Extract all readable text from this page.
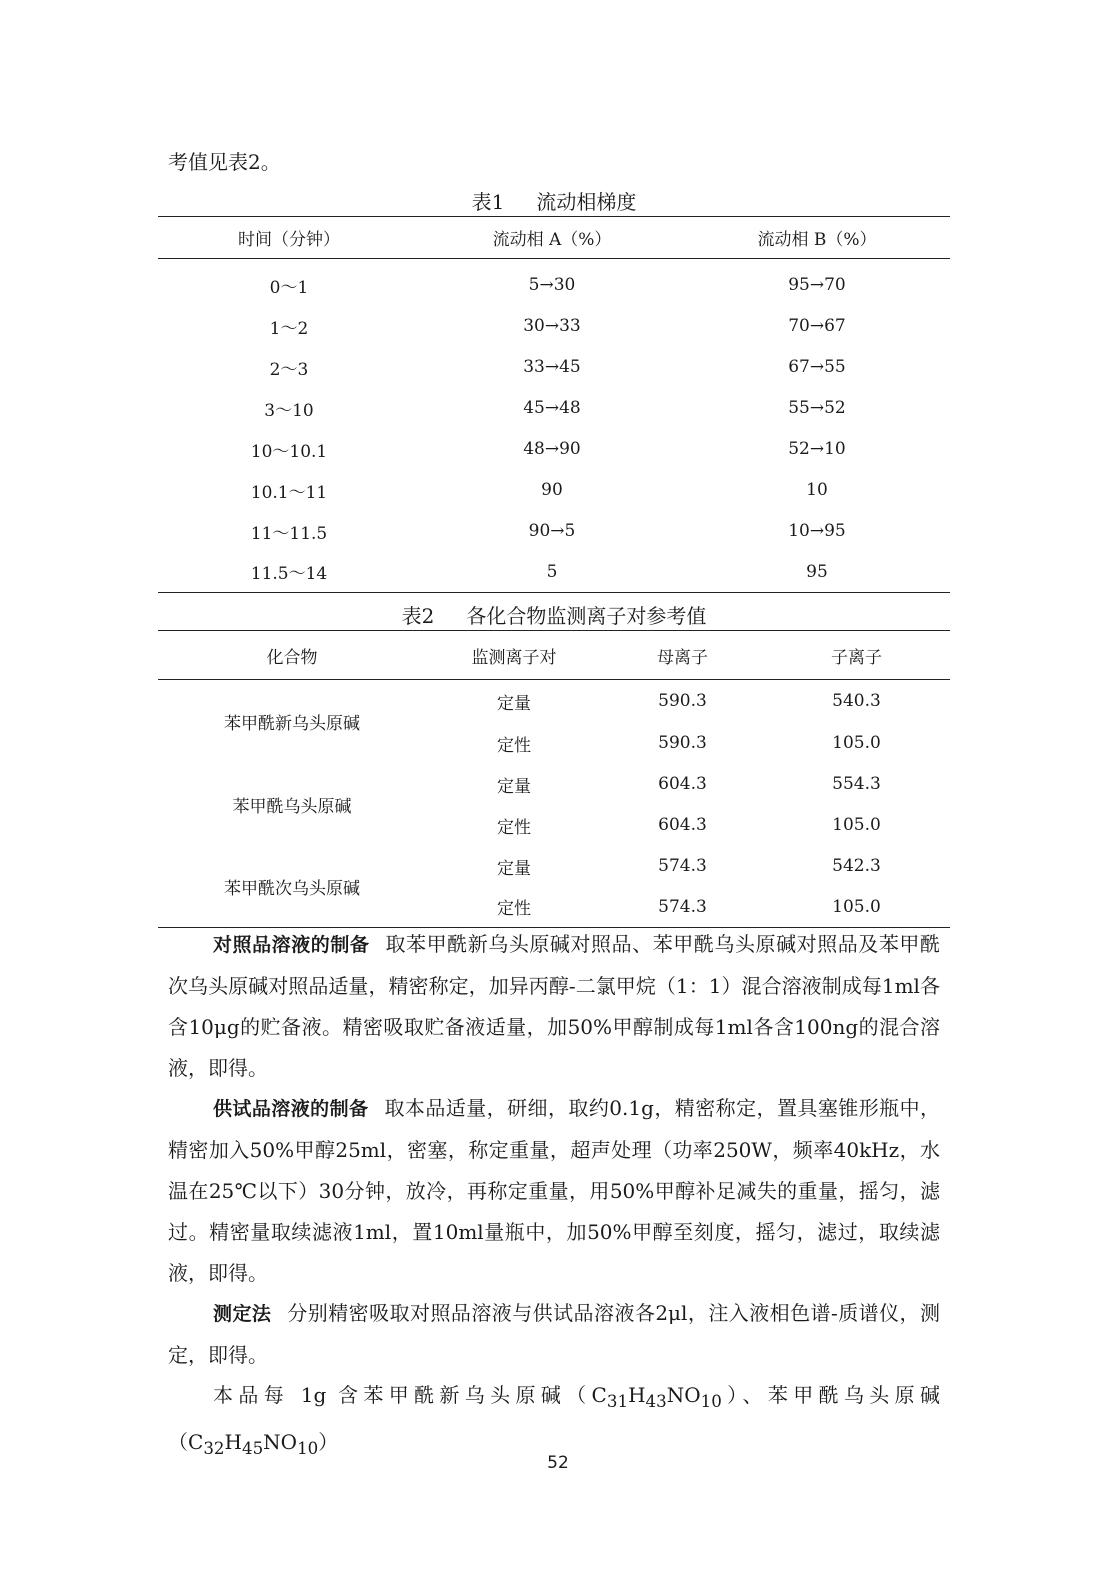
考值见表2。
表1 流动相梯度
时间（分钟）	流动相 A（%）	流动相 B（%）
0～1	5→30	95→70
1～2	30→33	70→67
2～3	33→45	67→55
3～10	45→48	55→52
10～10.1	48→90	52→10
10.1～11	90	10
11～11.5	90→5	10→95
11.5～14	5	95
表2 各化合物监测离子对参考值
化合物	监测离子对	母离子	子离子
苯甲酰新乌头原碱	定量	590.3	540.3
	定性	590.3	105.0
苯甲酰乌头原碱	定量	604.3	554.3
	定性	604.3	105.0
苯甲酰次乌头原碱	定量	574.3	542.3
	定性	574.3	105.0

对照品溶液的制备 取苯甲酰新乌头原碱对照品、苯甲酰乌头原碱对照品及苯甲酰次乌头原碱对照品适量，精密称定，加异丙醇-二氯甲烷（1：1）混合溶液制成每1ml各含10μg的贮备液。精密吸取贮备液适量，加50%甲醇制成每1ml各含100ng的混合溶液，即得。

供试品溶液的制备 取本品适量，研细，取约0.1g，精密称定，置具塞锥形瓶中，精密加入50%甲醇25ml，密塞，称定重量，超声处理（功率250W，频率40kHz，水温在25℃以下）30分钟，放冷，再称定重量，用50%甲醇补足减失的重量，摇匀，滤过。精密量取续滤液1ml，置10ml量瓶中，加50%甲醇至刻度，摇匀，滤过，取续滤液，即得。

测定法 分别精密吸取对照品溶液与供试品溶液各2μl，注入液相色谱-质谱仪，测定，即得。

本品每 1g 含苯甲酰新乌头原碱$(C_{31}H_{43}NO_{10})$、苯甲酰乌头原碱$(C_{32}H_{45}NO_{10})$

52
